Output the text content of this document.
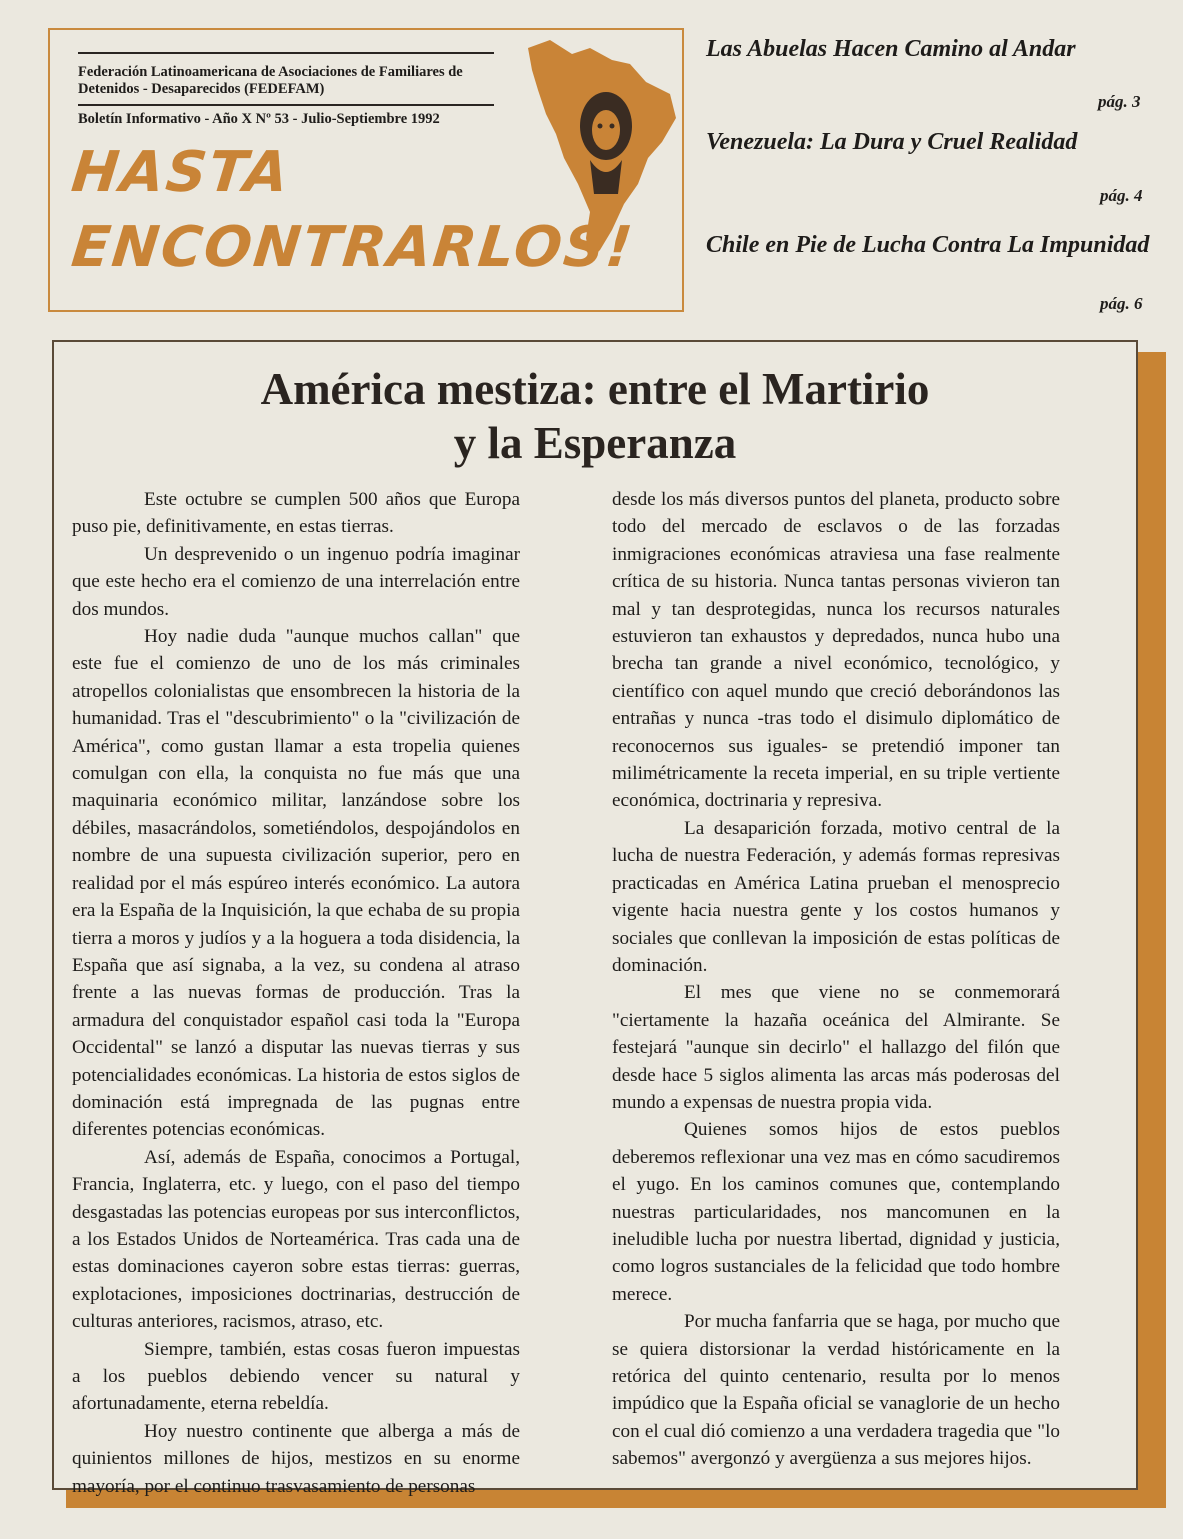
Federación Latinoamericana de Asociaciones de Familiares de Detenidos - Desaparecidos (FEDEFAM)
Boletín Informativo - Año X Nº 53 - Julio-Septiembre 1992
HASTA
ENCONTRARLOS!
Las Abuelas Hacen Camino al Andar
pág. 3
Venezuela: La Dura y Cruel Realidad
pág. 4
Chile en Pie de Lucha Contra La Impunidad
pág. 6
América mestiza: entre el Martirio
y la Esperanza

Este octubre se cumplen 500 años que Europa puso pie, definitivamente, en estas tierras.

Un desprevenido o un ingenuo podría imaginar que este hecho era el comienzo de una interrelación entre dos mundos.

Hoy nadie duda "aunque muchos callan" que este fue el comienzo de uno de los más criminales atropellos colonialistas que ensombrecen la historia de la humanidad. Tras el "descubrimiento" o la "civilización de América", como gustan llamar a esta tropelia quienes comulgan con ella, la conquista no fue más que una maquinaria económico militar, lanzándose sobre los débiles, masacrándolos, sometiéndolos, despojándolos en nombre de una supuesta civilización superior, pero en realidad por el más espúreo interés económico. La autora era la España de la Inquisición, la que echaba de su propia tierra a moros y judíos y a la hoguera a toda disidencia, la España que así signaba, a la vez, su condena al atraso frente a las nuevas formas de producción. Tras la armadura del conquistador español casi toda la "Europa Occidental" se lanzó a disputar las nuevas tierras y sus potencialidades económicas. La historia de estos siglos de dominación está impregnada de las pugnas entre diferentes potencias económicas.

Así, además de España, conocimos a Portugal, Francia, Inglaterra, etc. y luego, con el paso del tiempo desgastadas las potencias europeas por sus interconflictos, a los Estados Unidos de Norteamérica. Tras cada una de estas dominaciones cayeron sobre estas tierras: guerras, explotaciones, imposiciones doctrinarias, destrucción de culturas anteriores, racismos, atraso, etc.

Siempre, también, estas cosas fueron impuestas a los pueblos debiendo vencer su natural y afortunadamente, eterna rebeldía.

Hoy nuestro continente que alberga a más de quinientos millones de hijos, mestizos en su enorme mayoría, por el continuo trasvasamiento de personas

desde los más diversos puntos del planeta, producto sobre todo del mercado de esclavos o de las forzadas inmigraciones económicas atraviesa una fase realmente crítica de su historia. Nunca tantas personas vivieron tan mal y tan desprotegidas, nunca los recursos naturales estuvieron tan exhaustos y depredados, nunca hubo una brecha tan grande a nivel económico, tecnológico, y científico con aquel mundo que creció deborándonos las entrañas y nunca -tras todo el disimulo diplomático de reconocernos sus iguales- se pretendió imponer tan milimétricamente la receta imperial, en su triple vertiente económica, doctrinaria y represiva.

La desaparición forzada, motivo central de la lucha de nuestra Federación, y además formas represivas practicadas en América Latina prueban el menosprecio vigente hacia nuestra gente y los costos humanos y sociales que conllevan la imposición de estas políticas de dominación.

El mes que viene no se conmemorará "ciertamente la hazaña oceánica del Almirante. Se festejará "aunque sin decirlo" el hallazgo del filón que desde hace 5 siglos alimenta las arcas más poderosas del mundo a expensas de nuestra propia vida.

Quienes somos hijos de estos pueblos deberemos reflexionar una vez mas en cómo sacudiremos el yugo. En los caminos comunes que, contemplando nuestras particularidades, nos mancomunen en la ineludible lucha por nuestra libertad, dignidad y justicia, como logros sustanciales de la felicidad que todo hombre merece.

Por mucha fanfarria que se haga, por mucho que se quiera distorsionar la verdad históricamente en la retórica del quinto centenario, resulta por lo menos impúdico que la España oficial se vanaglorie de un hecho con el cual dió comienzo a una verdadera tragedia que "lo sabemos" avergonzó y avergüenza a sus mejores hijos.
